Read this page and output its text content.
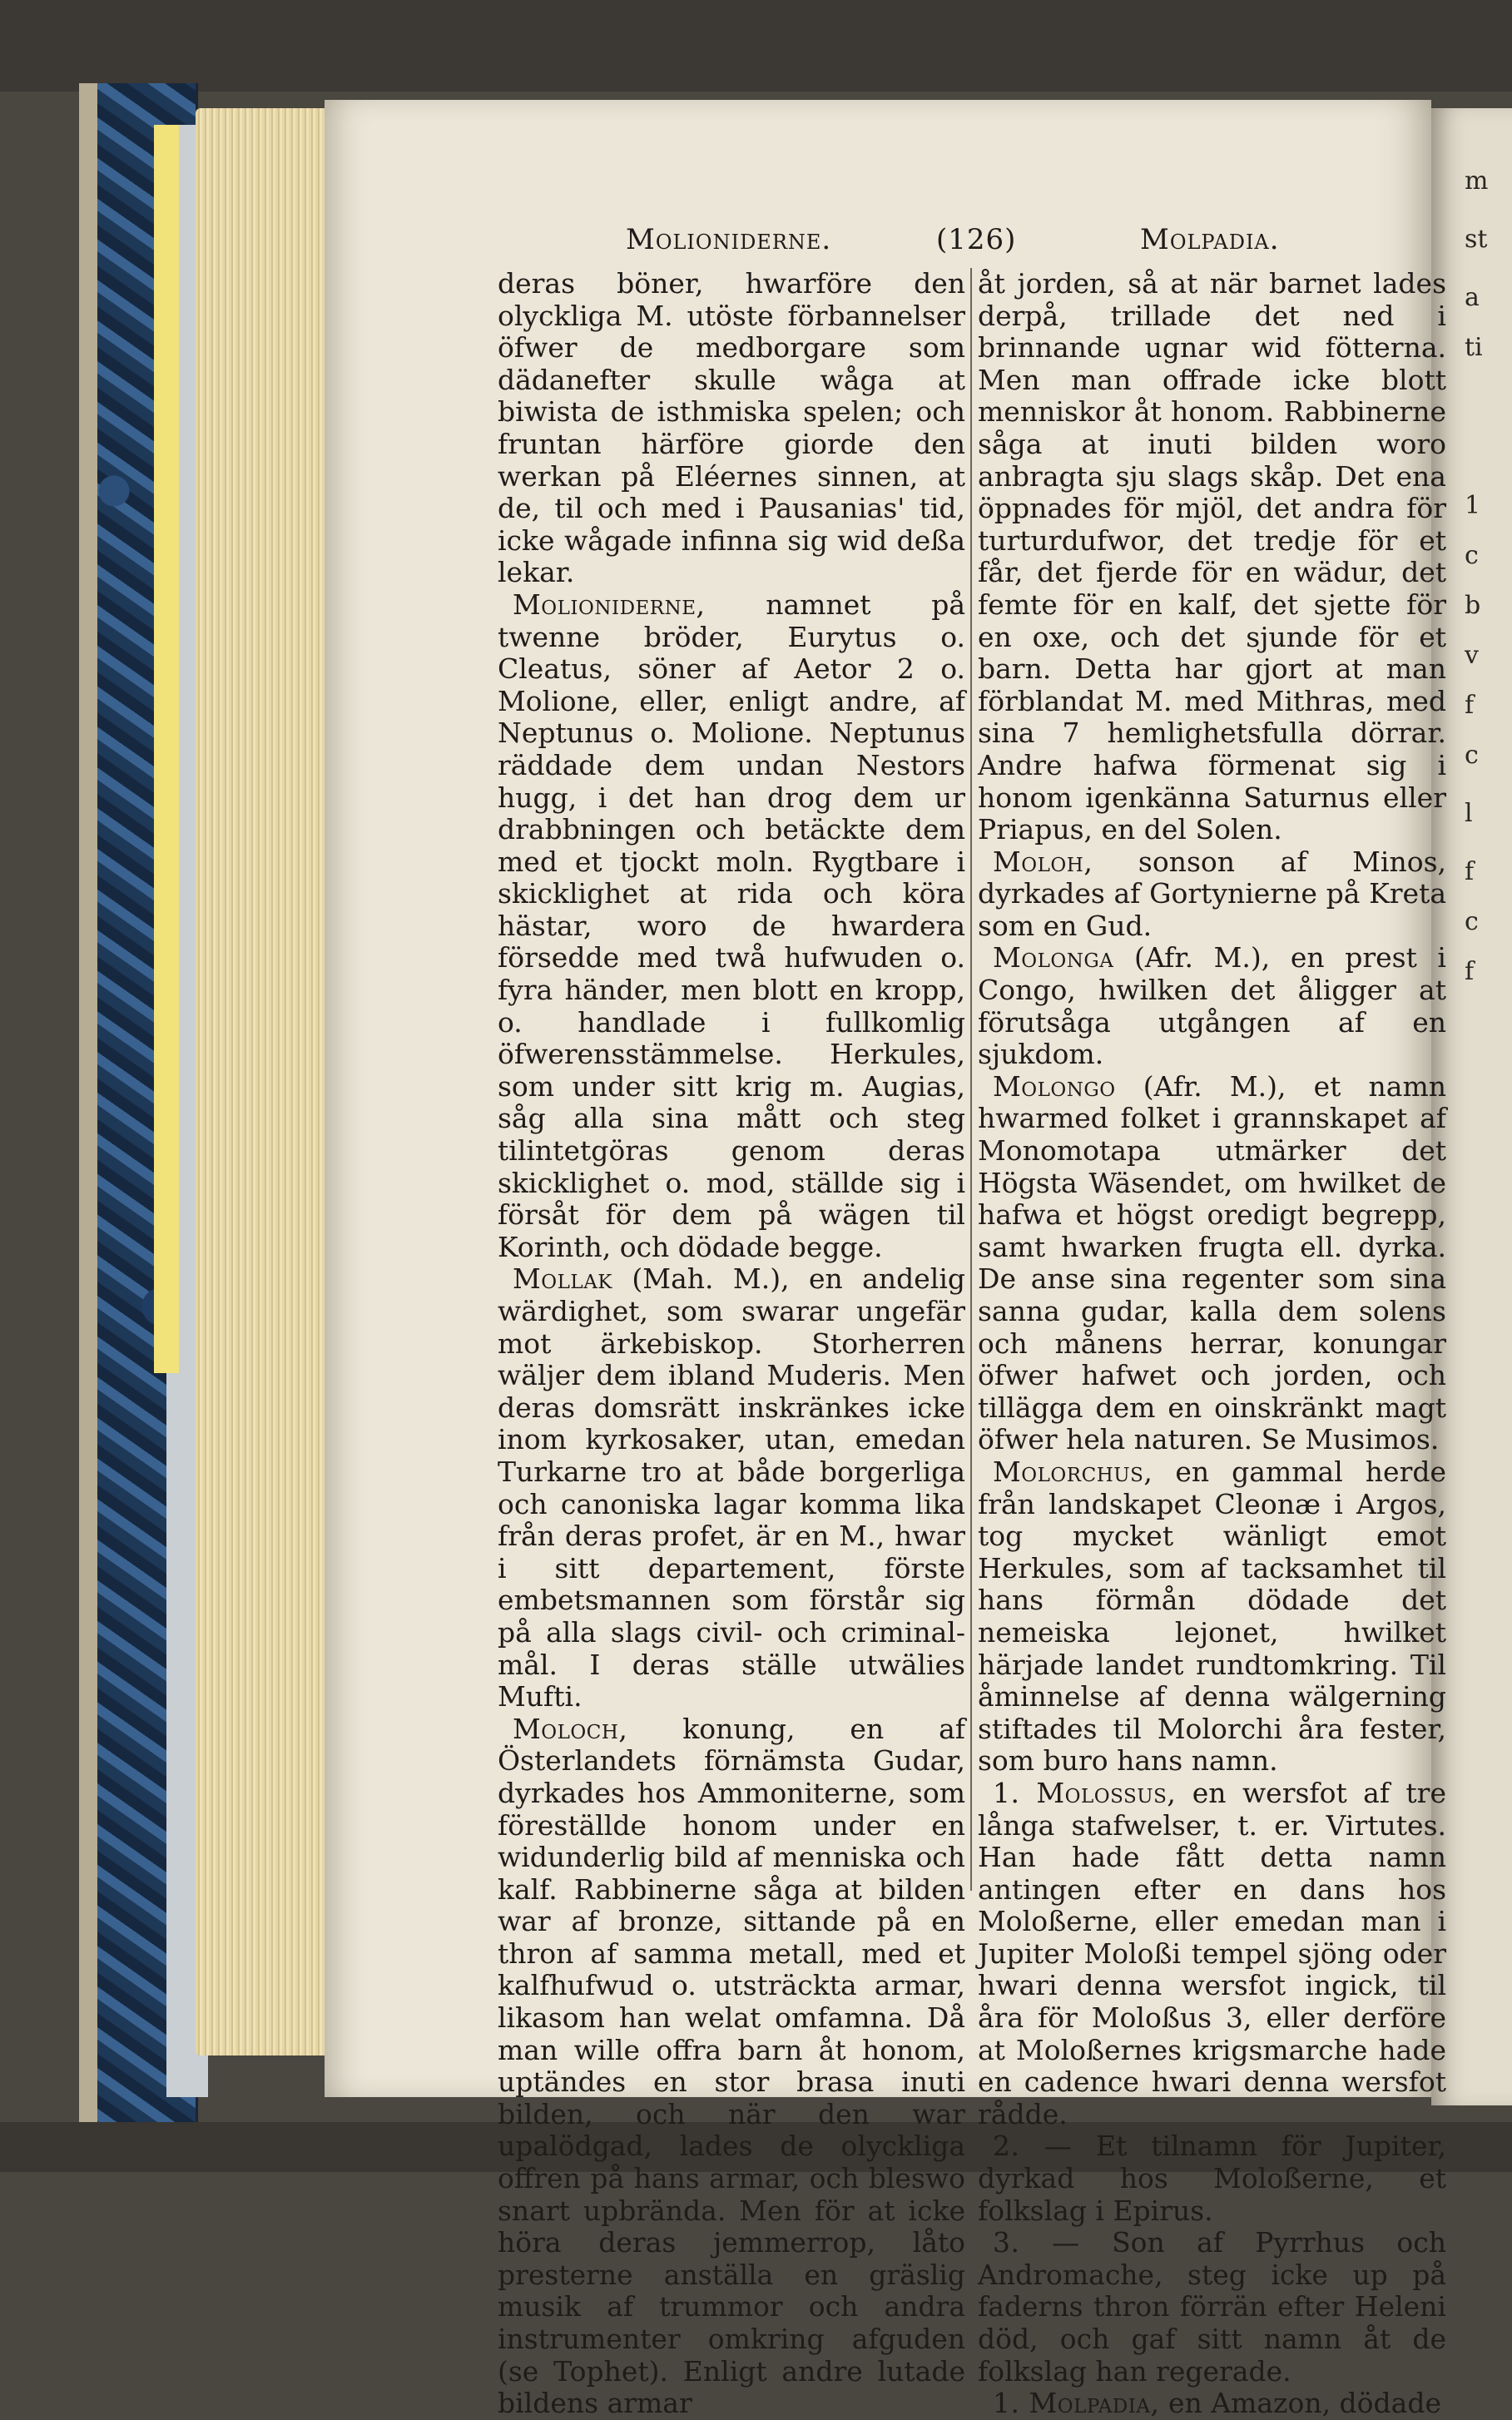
m
st
a
ti
1
c
b
v
f
c
l
f
c
f
Molioniderne.	(126)	Molpadia.

deras böner, hwarföre den olyckliga M. utöste förbannelser öfwer de medborgare som dädanefter skulle wåga at biwista de isthmiska spelen; och fruntan härföre giorde den werkan på Eléernes sinnen, at de, til och med i Pausanias' tid, icke wågade infinna sig wid deßa lekar.

Molioniderne, namnet på twenne bröder, Eurytus o. Cleatus, söner af Aetor 2 o. Molione, eller, enligt andre, af Neptunus o. Molione. Neptunus räddade dem undan Nestors hugg, i det han drog dem ur drabbningen och betäckte dem med et tjockt moln. Rygtbare i skicklighet at rida och köra hästar, woro de hwardera försedde med twå hufwuden o. fyra händer, men blott en kropp, o. handlade i fullkomlig öfwerensstämmelse. Herkules, som under sitt krig m. Augias, såg alla sina mått och steg tilintetgöras genom deras skicklighet o. mod, ställde sig i försåt för dem på wägen til Korinth, och dödade begge.

Mollak (Mah. M.), en andelig wärdighet, som swarar ungefär mot ärkebiskop. Storherren wäljer dem ibland Muderis. Men deras domsrätt inskränkes icke inom kyrkosaker, utan, emedan Turkarne tro at både borgerliga och canoniska lagar komma lika från deras profet, är en M., hwar i sitt departement, förste embetsmannen som förstår sig på alla slags civil- och criminal-mål. I deras ställe utwälies Mufti.

Moloch, konung, en af Österlandets förnämsta Gudar, dyrkades hos Ammoniterne, som föreställde honom under en widunderlig bild af menniska och kalf. Rabbinerne såga at bilden war af bronze, sittande på en thron af samma metall, med et kalfhufwud o. utsträckta armar, likasom han welat omfamna. Då man wille offra barn åt honom, uptändes en stor brasa inuti bilden, och när den war upalödgad, lades de olyckliga offren på hans armar, och bleswo snart upbrända. Men för at icke höra deras jemmerrop, låto presterne anställa en gräslig musik af trummor och andra instrumenter omkring afguden (se Tophet). Enligt andre lutade bildens armar

åt jorden, så at när barnet lades derpå, trillade det ned i brinnande ugnar wid fötterna. Men man offrade icke blott menniskor åt honom. Rabbinerne såga at inuti bilden woro anbragta sju slags skåp. Det ena öppnades för mjöl, det andra för turturdufwor, det tredje för et får, det fjerde för en wädur, det femte för en kalf, det sjette för en oxe, och det sjunde för et barn. Detta har gjort at man förblandat M. med Mithras, med sina 7 hemlighetsfulla dörrar. Andre hafwa förmenat sig i honom igenkänna Saturnus eller Priapus, en del Solen.

Moloh, sonson af Minos, dyrkades af Gortynierne på Kreta som en Gud.

Molonga (Afr. M.), en prest i Congo, hwilken det åligger at förutsåga utgången af en sjukdom.

Molongo (Afr. M.), et namn hwarmed folket i grannskapet af Monomotapa utmärker det Högsta Wäsendet, om hwilket de hafwa et högst oredigt begrepp, samt hwarken frugta ell. dyrka. De anse sina regenter som sina sanna gudar, kalla dem solens och månens herrar, konungar öfwer hafwet och jorden, och tillägga dem en oinskränkt magt öfwer hela naturen. Se Musimos.

Molorchus, en gammal herde från landskapet Cleonæ i Argos, tog mycket wänligt emot Herkules, som af tacksamhet til hans förmån dödade det nemeiska lejonet, hwilket härjade landet rundtomkring. Til åminnelse af denna wälgerning stiftades til Molorchi åra fester, som buro hans namn.

1. Molossus, en wersfot af tre långa stafwelser, t. er. Virtutes. Han hade fått detta namn antingen efter en dans hos Moloßerne, eller emedan man i Jupiter Moloßi tempel sjöng oder hwari denna wersfot ingick, til åra för Moloßus 3, eller derföre at Moloßernes krigsmarche hade en cadence hwari denna wersfot rådde.

2. — Et tilnamn för Jupiter, dyrkad hos Moloßerne, et folkslag i Epirus.

3. — Son af Pyrrhus och Andromache, steg icke up på faderns thron förrän efter Heleni död, och gaf sitt namn åt de folkslag han regerade.

1. Molpadia, en Amazon, dödade
